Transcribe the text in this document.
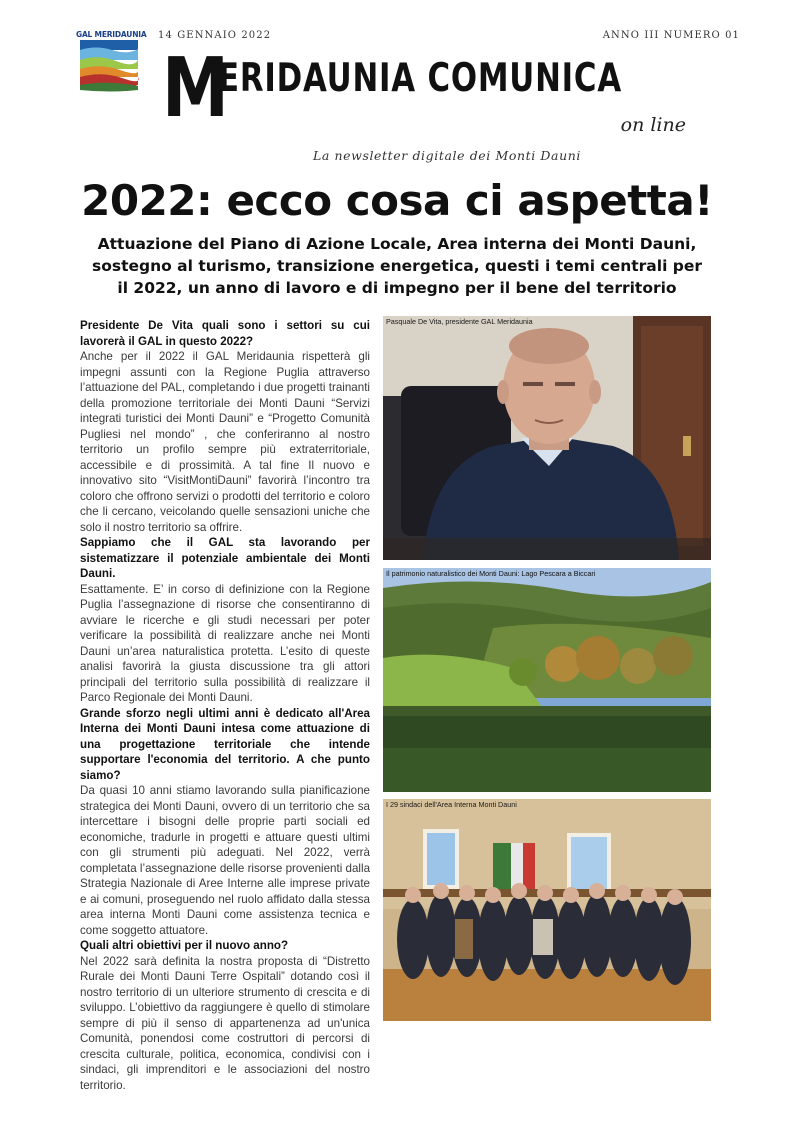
GAL MERIDAUNIA 14 GENNAIO 2022	ANNO III NUMERO 01
M
ERIDAUNIA COMUNICA
on line
La newsletter digitale dei Monti Dauni
2022: ecco cosa ci aspetta!
Attuazione del Piano di Azione Locale, Area interna dei Monti Dauni, sostegno al turismo, transizione energetica, questi i temi centrali per il 2022, un anno di lavoro e di impegno per il bene del territorio

Presidente De Vita quali sono i settori su cui lavorerà il GAL in questo 2022?

Anche per il 2022 il GAL Meridaunia rispetterà gli impegni assunti con la Regione Puglia attraverso l’attuazione del PAL, completando i due progetti trainanti della promozione territoriale dei Monti Dauni “Servizi integrati turistici dei Monti Dauni” e “Progetto Comunità Pugliesi nel mondo” , che conferiranno al nostro territorio un profilo sempre più extraterritoriale, accessibile e di prossimità. A tal fine Il nuovo e innovativo sito “VisitMontiDauni” favorirà l’incontro tra coloro che offrono servizi o prodotti del territorio e coloro che li cercano, veicolando quelle sensazioni uniche che solo il nostro territorio sa offrire.

Sappiamo che il GAL sta lavorando per sistematizzare il potenziale ambientale dei Monti Dauni.

Esattamente. E’ in corso di definizione con la Regione Puglia l’assegnazione di risorse che consentiranno di avviare le ricerche e gli studi necessari per poter verificare la possibilità di realizzare anche nei Monti Dauni un’area naturalistica protetta. L’esito di queste analisi favorirà la giusta discussione tra gli attori principali del territorio sulla possibilità di realizzare il Parco Regionale dei Monti Dauni.

Grande sforzo negli ultimi anni è dedicato all'Area Interna dei Monti Dauni intesa come attuazione di una progettazione territoriale che intende supportare l'economia del territorio. A che punto siamo?

Da quasi 10 anni stiamo lavorando sulla pianificazione strategica dei Monti Dauni, ovvero di un territorio che sa intercettare i bisogni delle proprie parti sociali ed economiche, tradurle in progetti e attuare questi ultimi con gli strumenti più adeguati. Nel 2022, verrà completata l’assegnazione delle risorse provenienti dalla Strategia Nazionale di Aree Interne alle imprese private e ai comuni, proseguendo nel ruolo affidato dalla stessa area interna Monti Dauni come assistenza tecnica e come soggetto attuatore.

Quali altri obiettivi per il nuovo anno?

Nel 2022 sarà definita la nostra proposta di “Distretto Rurale dei Monti Dauni Terre Ospitali” dotando così il nostro territorio di un ulteriore strumento di crescita e di sviluppo. L’obiettivo da raggiungere è quello di stimolare sempre di più il senso di appartenenza ad un'unica Comunità, ponendosi come costruttori di percorsi di crescita culturale, politica, economica, condivisi con i sindaci, gli imprenditori e le associazioni del nostro territorio.

Pasquale De Vita, presidente GAL Meridaunia
Il patrimonio naturalistico dei Monti Dauni: Lago Pescara a Biccari
I 29 sindaci dell'Area Interna Monti Dauni
